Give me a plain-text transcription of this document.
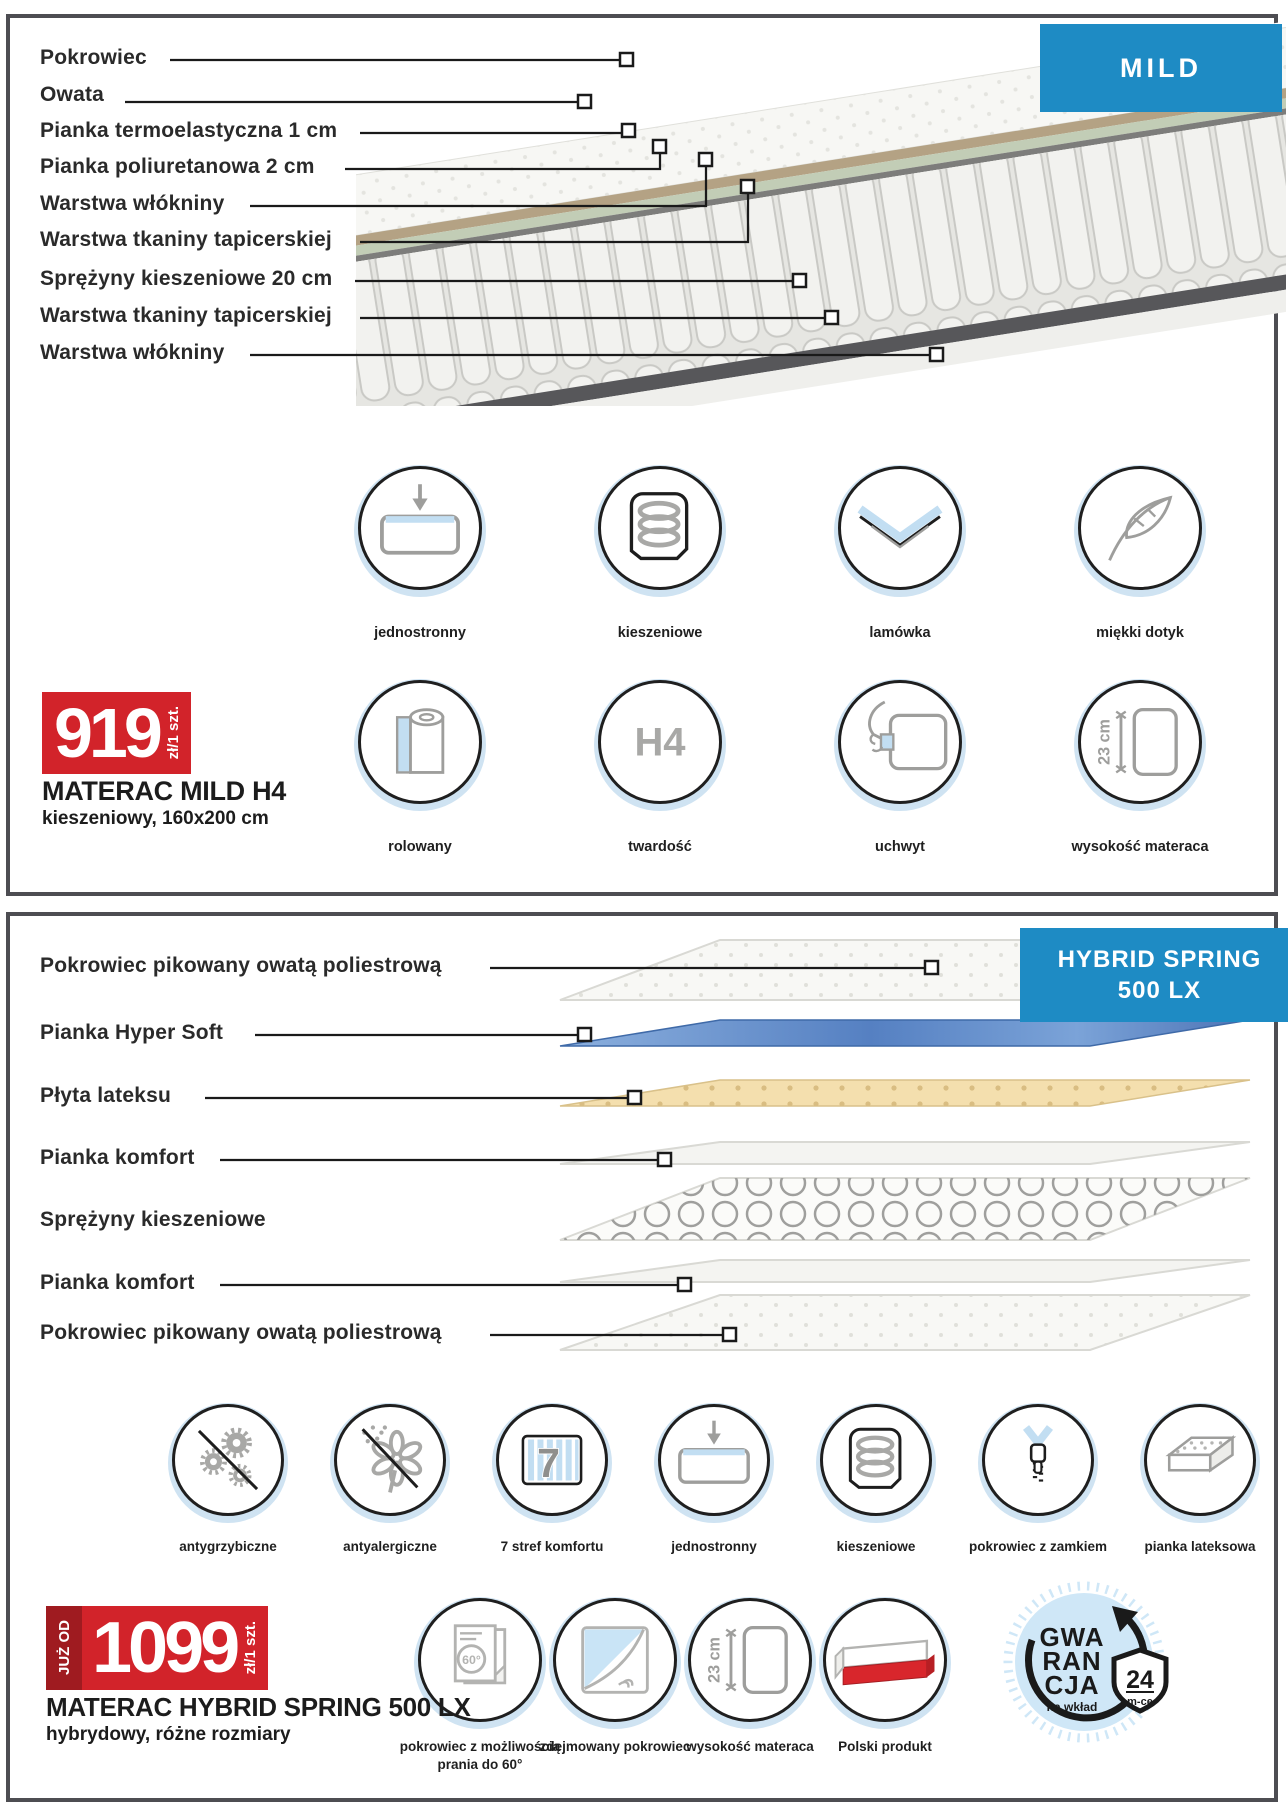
MILD
HYBRID SPRING 500 LX
Pokrowiec
Owata
Pianka termoelastyczna 1 cm
Pianka poliuretanowa 2 cm
Warstwa włókniny
Warstwa tkaniny tapicerskiej
Sprężyny kieszeniowe 20 cm
Warstwa tkaniny tapicerskiej
Warstwa włókniny
Pokrowiec pikowany owatą poliestrową
Pianka Hyper Soft
Płyta lateksu
Pianka komfort
Sprężyny kieszeniowe
Pianka komfort
Pokrowiec pikowany owatą poliestrową
jednostronny	kieszeniowe	lamówka	miękki dotyk
rolowany
H4
twardość	uchwyt
23 cm
wysokość materaca
919 zł/1 szt.
MATERAC MILD H4
kieszeniowy, 160x200 cm
antygrzybiczne	antyalergiczne
7
7 stref komfortu	jednostronny	kieszeniowe	pokrowiec z zamkiem	pianka lateksowa
60°
pokrowiec z możliwością prania do 60°
zdejmowany pokrowiec
23 cm
wysokość materaca	Polski produkt
GWA
RAN
CJA
na wkład
24
m-ce
JUŻ OD 1099 zł/1 szt.
MATERAC HYBRID SPRING 500 LX
hybrydowy, różne rozmiary
